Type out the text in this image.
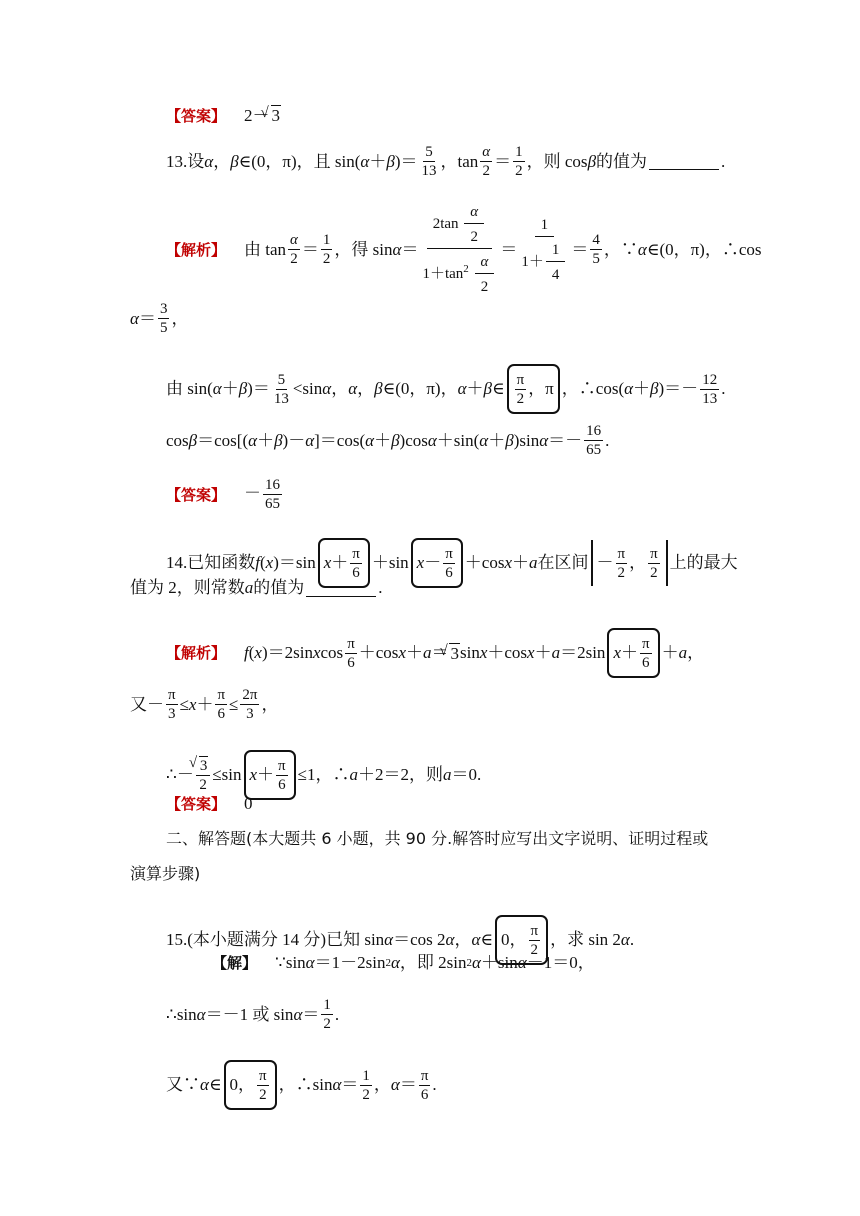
【答案】 2－ √ 3
13.设 α ， β ∈(0，π)，且 sin( α ＋ β )＝ 5
13
，tan α
2
＝ 1
2
，则 cos β 的值为	.
【解析】 由 tan α
2
＝ 1
2
，得 sin α ＝
$2\tan \frac{\alpha}{2}$
$1+\tan^2 \frac{\alpha}{2}$
＝
1
$1+ \frac{1}{4} = 4$
5
，∵ α ∈(0，π)，∴cos
α ＝ 3
5
，
由 sin( α ＋ β )＝ 5
13
<sin α ， α ， β ∈(0，π)， α ＋ β ∈ π
2
，π ，∴cos( α ＋ β )＝－ 12
13
.
cos β ＝cos[( α ＋ β )－ α ]＝cos( α ＋ β )cos α ＋sin( α ＋ β )sin α ＝－ 16
65
.
【答案】 － $\frac{16}{65}$
14.已知函数 f ( x )＝sin x ＋ π
6
＋sin x － π
6
＋cos x ＋ a 在区间 － π
2
， π
2
上的最大
值为 2，则常数 a 的值为	.
【解析】 f ( x )＝2sin x cos π
6
＋cos x ＋ a ＝ √ 3 sin x ＋cos x ＋ a ＝2sin x ＋ π
6
＋ a ，
又－ π
3
≤ x ＋ π
6
≤ 2π
3
，
∴－ √ 3
2
≤sin x ＋ π
6
≤1，∴ a ＋2＝2，则 a ＝0.
【答案】 0
二、解答题(本大题共 6 小题，共 90 分.解答时应写出文字说明、证明过程或
演算步骤)
15.(本小题满分 14 分)已知 sin α ＝cos 2 α ， α ∈ 0， π
2
，求 sin 2 α .
【解】 ∵sin α ＝1－2sin 2 α ，即 2sin 2 α ＋sin α －1＝0，
∴sin α ＝－1 或 sin α ＝ 1
2
.
又∵ α ∈ 0， π
2
，∴sin α ＝ 1
2
， α ＝ π
6
.
